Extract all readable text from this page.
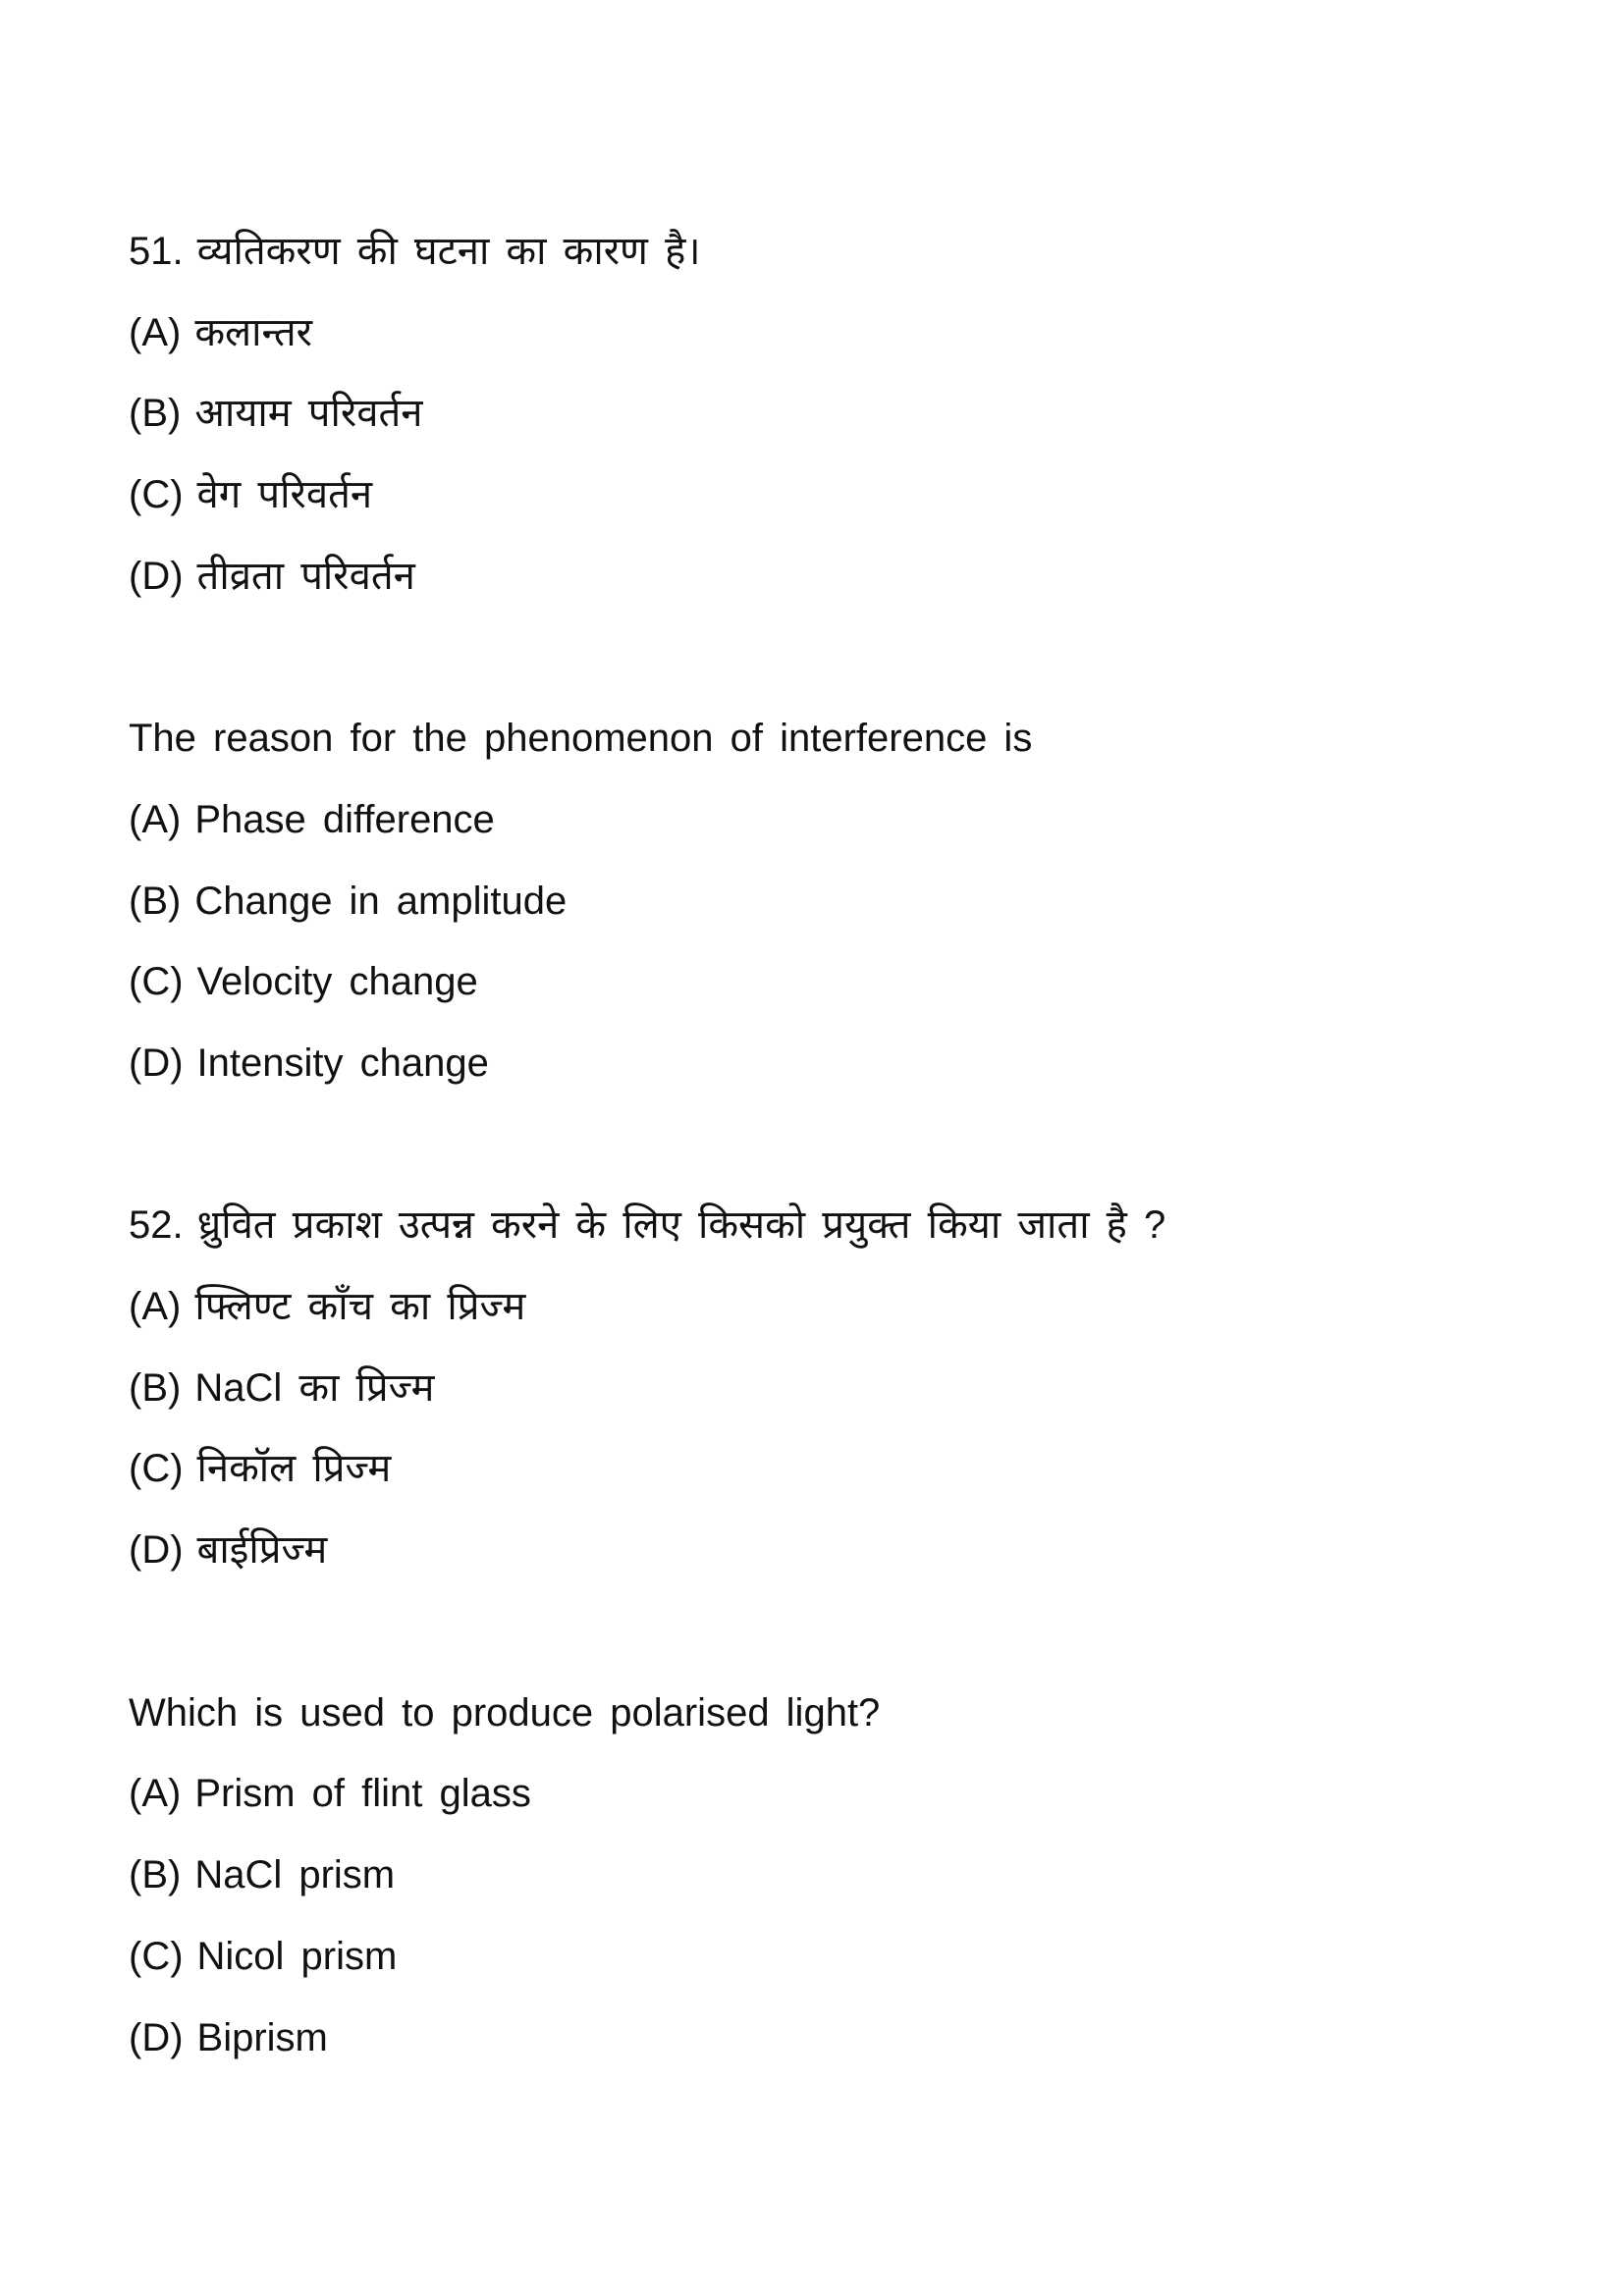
51. व्यतिकरण की घटना का कारण है।
(A) कलान्तर
(B) आयाम परिवर्तन
(C) वेग परिवर्तन
(D) तीव्रता परिवर्तन
The reason for the phenomenon of interference is
(A) Phase difference
(B) Change in amplitude
(C) Velocity change
(D) Intensity change
52. ध्रुवित प्रकाश उत्पन्न करने के लिए किसको प्रयुक्त किया जाता है ?
(A) फ्लिण्ट काँच का प्रिज्म
(B) NaCl का प्रिज्म
(C) निकॉल प्रिज्म
(D) बाईप्रिज्म
Which is used to produce polarised light?
(A) Prism of flint glass
(B) NaCl prism
(C) Nicol prism
(D) Biprism
